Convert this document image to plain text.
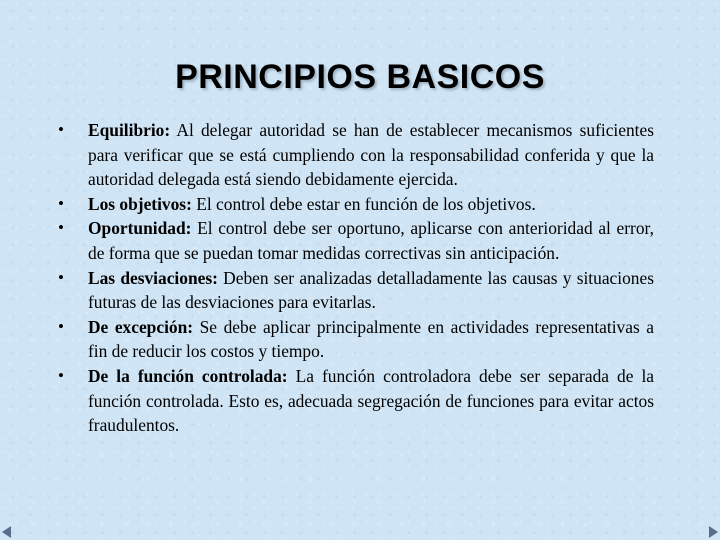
PRINCIPIOS BASICOS
• Equilibrio: Al delegar autoridad se han de establecer mecanismos suficientes para verificar que se está cumpliendo con la responsabilidad conferida y que la autoridad delegada está siendo debidamente ejercida.
• Los objetivos: El control debe estar en función de los objetivos.
• Oportunidad: El control debe ser oportuno, aplicarse con anterioridad al error, de forma que se puedan tomar medidas correctivas sin anticipación.
• Las desviaciones: Deben ser analizadas detalladamente las causas y situaciones futuras de las desviaciones para evitarlas.
• De excepción: Se debe aplicar principalmente en actividades representativas a fin de reducir los costos y tiempo.
• De la función controlada: La función controladora debe ser separada de la función controlada. Esto es, adecuada segregación de funciones para evitar actos fraudulentos.
